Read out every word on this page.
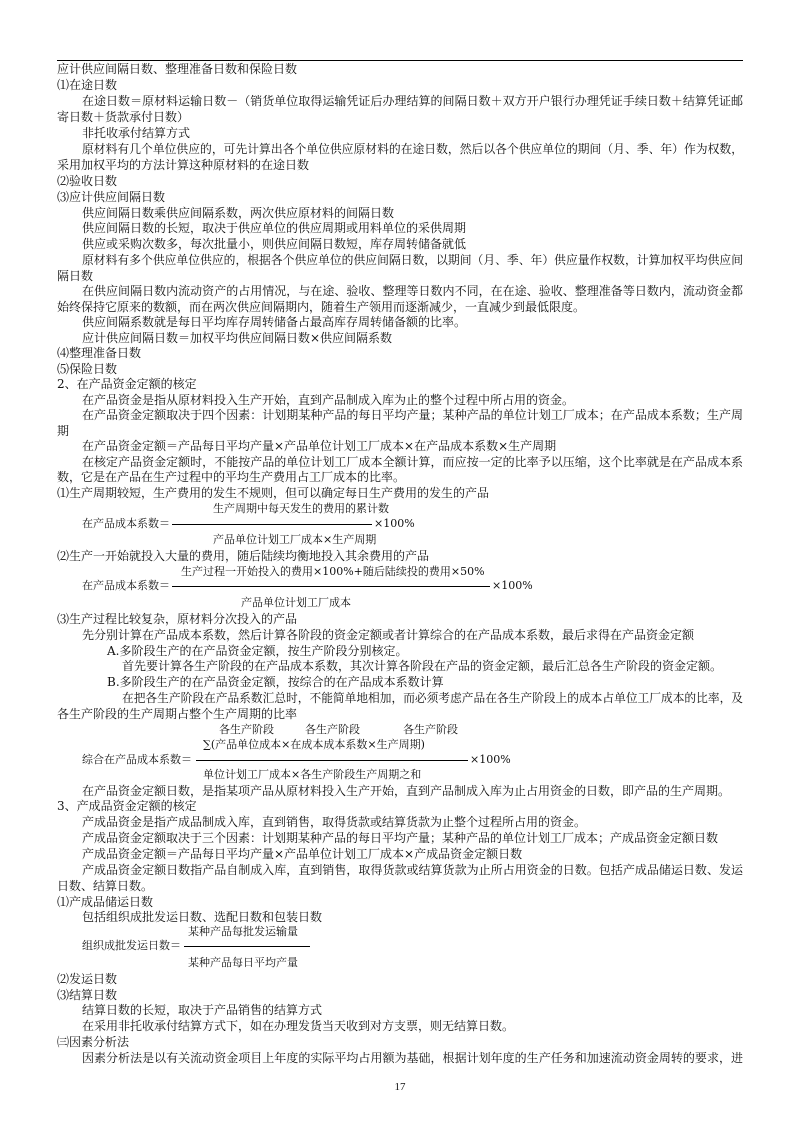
应计供应间隔日数、整理准备日数和保险日数
⑴在途日数
在途日数＝原材料运输日数－（销货单位取得运输凭证后办理结算的间隔日数＋双方开户银行办理凭证手续日数＋结算凭证邮
寄日数＋货款承付日数）
非托收承付结算方式
原材料有几个单位供应的，可先计算出各个单位供应原材料的在途日数，然后以各个供应单位的期间（月、季、年）作为权数，
采用加权平均的方法计算这种原材料的在途日数
⑵验收日数
⑶应计供应间隔日数
供应间隔日数乘供应间隔系数，两次供应原材料的间隔日数
供应间隔日数的长短，取决于供应单位的供应周期或用料单位的采供周期
供应或采购次数多，每次批量小，则供应间隔日数短，库存周转储备就低
原材料有多个供应单位供应的，根据各个供应单位的供应间隔日数，以期间（月、季、年）供应量作权数，计算加权平均供应间
隔日数
在供应间隔日数内流动资产的占用情况，与在途、验收、整理等日数内不同，在在途、验收、整理准备等日数内，流动资金都
始终保持它原来的数额，而在两次供应间隔期内，随着生产领用而逐渐减少，一直减少到最低限度。
供应间隔系数就是每日平均库存周转储备占最高库存周转储备额的比率。
应计供应间隔日数＝加权平均供应间隔日数×供应间隔系数
⑷整理准备日数
⑸保险日数
2、在产品资金定额的核定
在产品资金是指从原材料投入生产开始，直到产品制成入库为止的整个过程中所占用的资金。
在产品资金定额取决于四个因素：计划期某种产品的每日平均产量；某种产品的单位计划工厂成本；在产品成本系数；生产周
期
在产品资金定额＝产品每日平均产量×产品单位计划工厂成本×在产品成本系数×生产周期
在核定产品资金定额时，不能按产品的单位计划工厂成本全额计算，而应按一定的比率予以压缩，这个比率就是在产品成本系
数，它是在产品在生产过程中的平均生产费用占工厂成本的比率。
⑴生产周期较短，生产费用的发生不规则，但可以确定每日生产费用的发生的产品
生产周期中每天发生的费用的累计数
在产品成本系数＝	×100%
产品单位计划工厂成本×生产周期
⑵生产一开始就投入大量的费用，随后陆续均衡地投入其余费用的产品
生产过程一开始投入的费用×100%+随后陆续投的费用×50%
在产品成本系数＝	×100%
产品单位计划工厂成本
⑶生产过程比较复杂，原材料分次投入的产品
先分别计算在产品成本系数，然后计算各阶段的资金定额或者计算综合的在产品成本系数，最后求得在产品资金定额
A.多阶段生产的在产品资金定额，按生产阶段分别核定。
首先要计算各生产阶段的在产品成本系数，其次计算各阶段在产品的资金定额，最后汇总各生产阶段的资金定额。
B.多阶段生产的在产品资金定额，按综合的在产品成本系数计算
在把各生产阶段在产品系数汇总时，不能简单地相加，而必须考虑产品在各生产阶段上的成本占单位工厂成本的比率，及
各生产阶段的生产周期占整个生产周期的比率
各生产阶段	各生产阶段	各生产阶段
∑(产品单位成本×在成本成本系数×生产周期)
综合在产品成本系数＝	×100%
单位计划工厂成本×各生产阶段生产周期之和
在产品资金定额日数，是指某项产品从原材料投入生产开始，直到产品制成入库为止占用资金的日数，即产品的生产周期。
3、产成品资金定额的核定
产成品资金是指产成品制成入库，直到销售，取得货款或结算货款为止整个过程所占用的资金。
产成品资金定额取决于三个因素：计划期某种产品的每日平均产量；某种产品的单位计划工厂成本；产成品资金定额日数
产成品资金定额＝产品每日平均产量×产品单位计划工厂成本×产成品资金定额日数
产成品资金定额日数指产品自制成入库，直到销售，取得货款或结算货款为止所占用资金的日数。包括产成品储运日数、发运
日数、结算日数。
⑴产成品储运日数
包括组织成批发运日数、选配日数和包装日数
某种产品每批发运输量
组织成批发运日数＝
某种产品每日平均产量
⑵发运日数
⑶结算日数
结算日数的长短，取决于产品销售的结算方式
在采用非托收承付结算方式下，如在办理发货当天收到对方支票，则无结算日数。
㈢因素分析法
因素分析法是以有关流动资金项目上年度的实际平均占用额为基础，根据计划年度的生产任务和加速流动资金周转的要求，进
17
